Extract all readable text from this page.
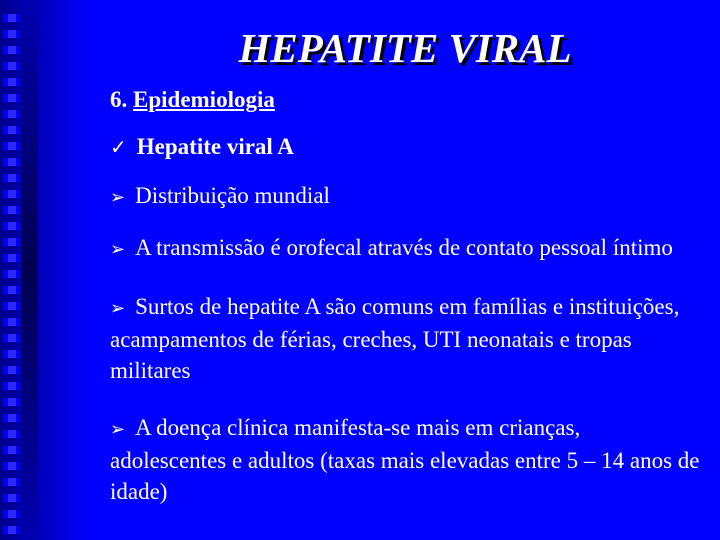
HEPATITE VIRAL
6. Epidemiologia
✓ Hepatite viral A
➢ Distribuição mundial
➢ A transmissão é orofecal através de contato pessoal íntimo
➢ Surtos de hepatite A são comuns em famílias e instituições, acampamentos de férias, creches, UTI neonatais e tropas militares
➢ A doença clínica manifesta-se mais em crianças, adolescentes e adultos (taxas mais elevadas entre 5 – 14 anos de idade)
